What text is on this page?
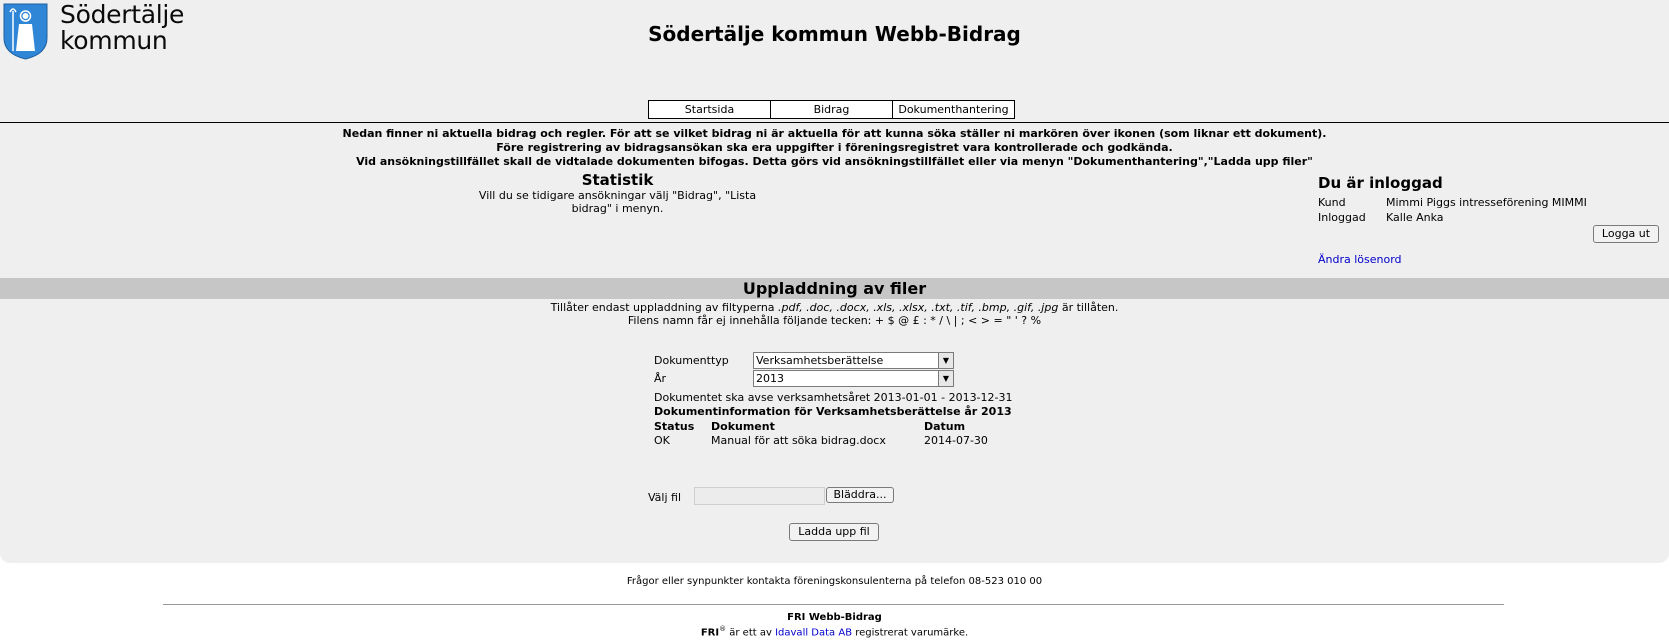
Södertälje
kommun	Södertälje kommun Webb-Bidrag
Startsida	Bidrag	Dokumenthantering
Nedan finner ni aktuella bidrag och regler. För att se vilket bidrag ni är aktuella för att kunna söka ställer ni markören över ikonen (som liknar ett dokument).
Före registrering av bidragsansökan ska era uppgifter i föreningsregistret vara kontrollerade och godkända.
Vid ansökningstillfället skall de vidtalade dokumenten bifogas. Detta görs vid ansökningstillfället eller via menyn "Dokumenthantering","Ladda upp filer"
Statistik
Vill du se tidigare ansökningar välj "Bidrag", "Lista bidrag" i menyn.
Du är inloggad
Kund	Mimmi Piggs intresseförening MIMMI
Inloggad	Kalle Anka
Logga ut
Ändra lösenord
Uppladdning av filer
Tillåter endast uppladdning av filtyperna .pdf, .doc, .docx, .xls, .xlsx, .txt, .tif, .bmp, .gif, .jpg är tillåten.
Filens namn får ej innehålla följande tecken: + $ @ £ : * / \ | ; < > = " ' ? %
Dokumenttyp	Verksamhetsberättelse	▼
År	2013	▼
Dokumentet ska avse verksamhetsåret 2013-01-01 - 2013-12-31
Dokumentinformation för Verksamhetsberättelse år 2013
Status	Dokument	Datum
OK	Manual för att söka bidrag.docx	2014-07-30
Välj fil	Bläddra...
Ladda upp fil
Frågor eller synpunkter kontakta föreningskonsulenterna på telefon 08-523 010 00
FRI Webb-Bidrag
FRI® är ett av Idavall Data AB registrerat varumärke.
